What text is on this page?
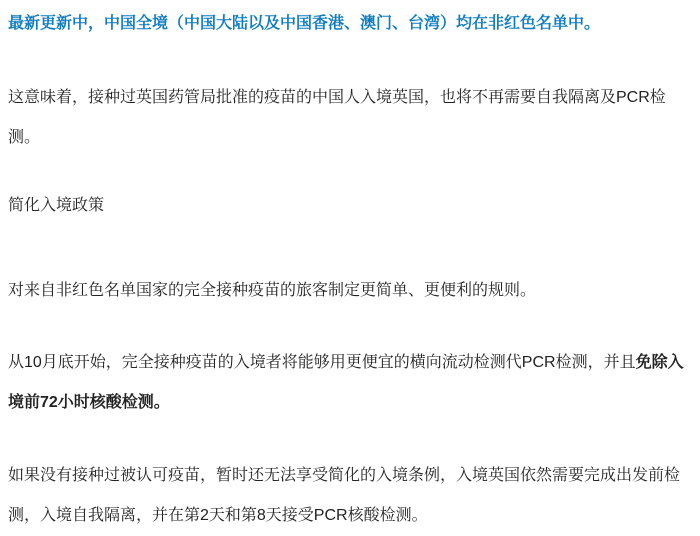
最新更新中，中国全境（中国大陆以及中国香港、澳门、台湾）均在非红色名单中。

这意味着，接种过英国药管局批准的疫苗的中国人入境英国，也将不再需要自我隔离及PCR检测。

简化入境政策

对来自非红色名单国家的完全接种疫苗的旅客制定更简单、更便利的规则。

从10月底开始，完全接种疫苗的入境者将能够用更便宜的横向流动检测代PCR检测，并且免除入境前72小时核酸检测。

如果没有接种过被认可疫苗，暂时还无法享受简化的入境条例，入境英国依然需要完成出发前检测，入境自我隔离，并在第2天和第8天接受PCR核酸检测。
